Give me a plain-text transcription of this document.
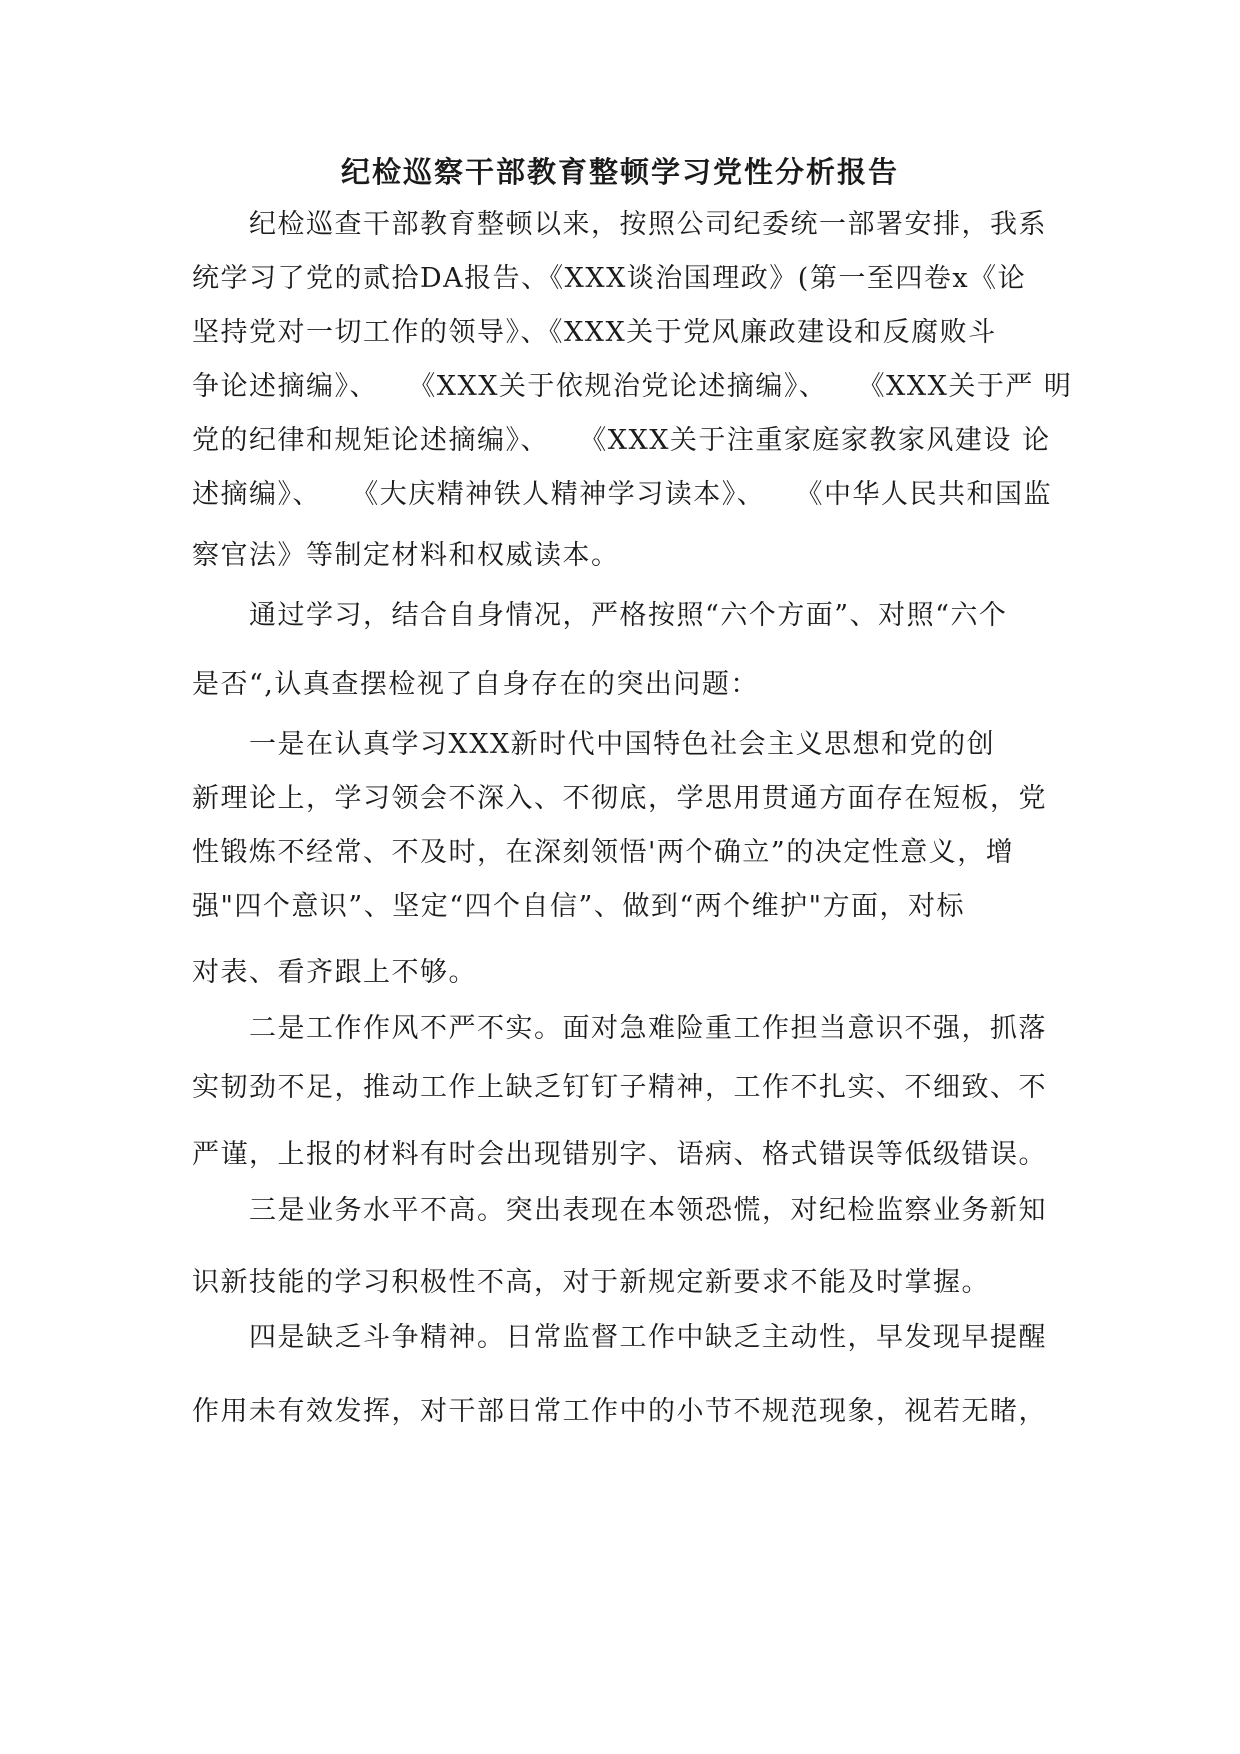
纪检巡察干部教育整顿学习党性分析报告
纪检巡查干部教育整顿以来，按照公司纪委统一部署安排，我系
统学习了党的贰拾DA报告、《XXX谈治国理政》(第一至四卷x《论
坚持党对一切工作的领导》、《XXX关于党风廉政建设和反腐败斗
争论述摘编》、   《XXX关于依规治党论述摘编》、   《XXX关于严 明
党的纪律和规矩论述摘编》、   《XXX关于注重家庭家教家风建设 论
述摘编》、   《大庆精神铁人精神学习读本》、   《中华人民共和国监
察官法》等制定材料和权威读本。
通过学习，结合自身情况，严格按照“六个方面”、对照“六个
是否“,认真查摆检视了自身存在的突出问题：
一是在认真学习XXX新时代中国特色社会主义思想和党的创
新理论上，学习领会不深入、不彻底，学思用贯通方面存在短板，党
性锻炼不经常、不及时，在深刻领悟'两个确立”的决定性意义，增
强"四个意识”、坚定“四个自信”、做到“两个维护"方面，对标
对表、看齐跟上不够。
二是工作作风不严不实。面对急难险重工作担当意识不强，抓落
实韧劲不足，推动工作上缺乏钉钉子精神，工作不扎实、不细致、不
严谨，上报的材料有时会出现错别字、语病、格式错误等低级错误。
三是业务水平不高。突出表现在本领恐慌，对纪检监察业务新知
识新技能的学习积极性不高，对于新规定新要求不能及时掌握。
四是缺乏斗争精神。日常监督工作中缺乏主动性，早发现早提醒
作用未有效发挥，对干部日常工作中的小节不规范现象，视若无睹，
